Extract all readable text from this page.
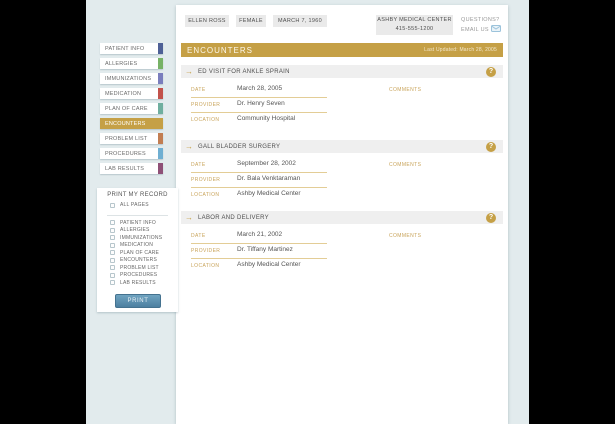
ELLEN ROSS	FEMALE	MARCH 7, 1960	ASHBY MEDICAL CENTER
415-555-1200
QUESTIONS?
EMAIL US
ENCOUNTERS	Last Updated: March 28, 2005
PATIENT INFO
ALLERGIES
IMMUNIZATIONS
MEDICATION
PLAN OF CARE
ENCOUNTERS
PROBLEM LIST
PROCEDURES
LAB RESULTS
PRINT MY RECORD
ALL PAGES
PATIENT INFO
ALLERGIES
IMMUNIZATIONS
MEDICATION
PLAN OF CARE
ENCOUNTERS
PROBLEM LIST
PROCEDURES
LAB RESULTS
PRINT
→ ED VISIT FOR ANKLE SPRAIN	?
DATE	March 28, 2005
PROVIDER	Dr. Henry Seven
LOCATION	Community Hospital
COMMENTS
→ GALL BLADDER SURGERY	?
DATE	September 28, 2002
PROVIDER	Dr. Bala Venktaraman
LOCATION	Ashby Medical Center
COMMENTS
→ LABOR AND DELIVERY	?
DATE	March 21, 2002
PROVIDER	Dr. Tiffany Martinez
LOCATION	Ashby Medical Center
COMMENTS
